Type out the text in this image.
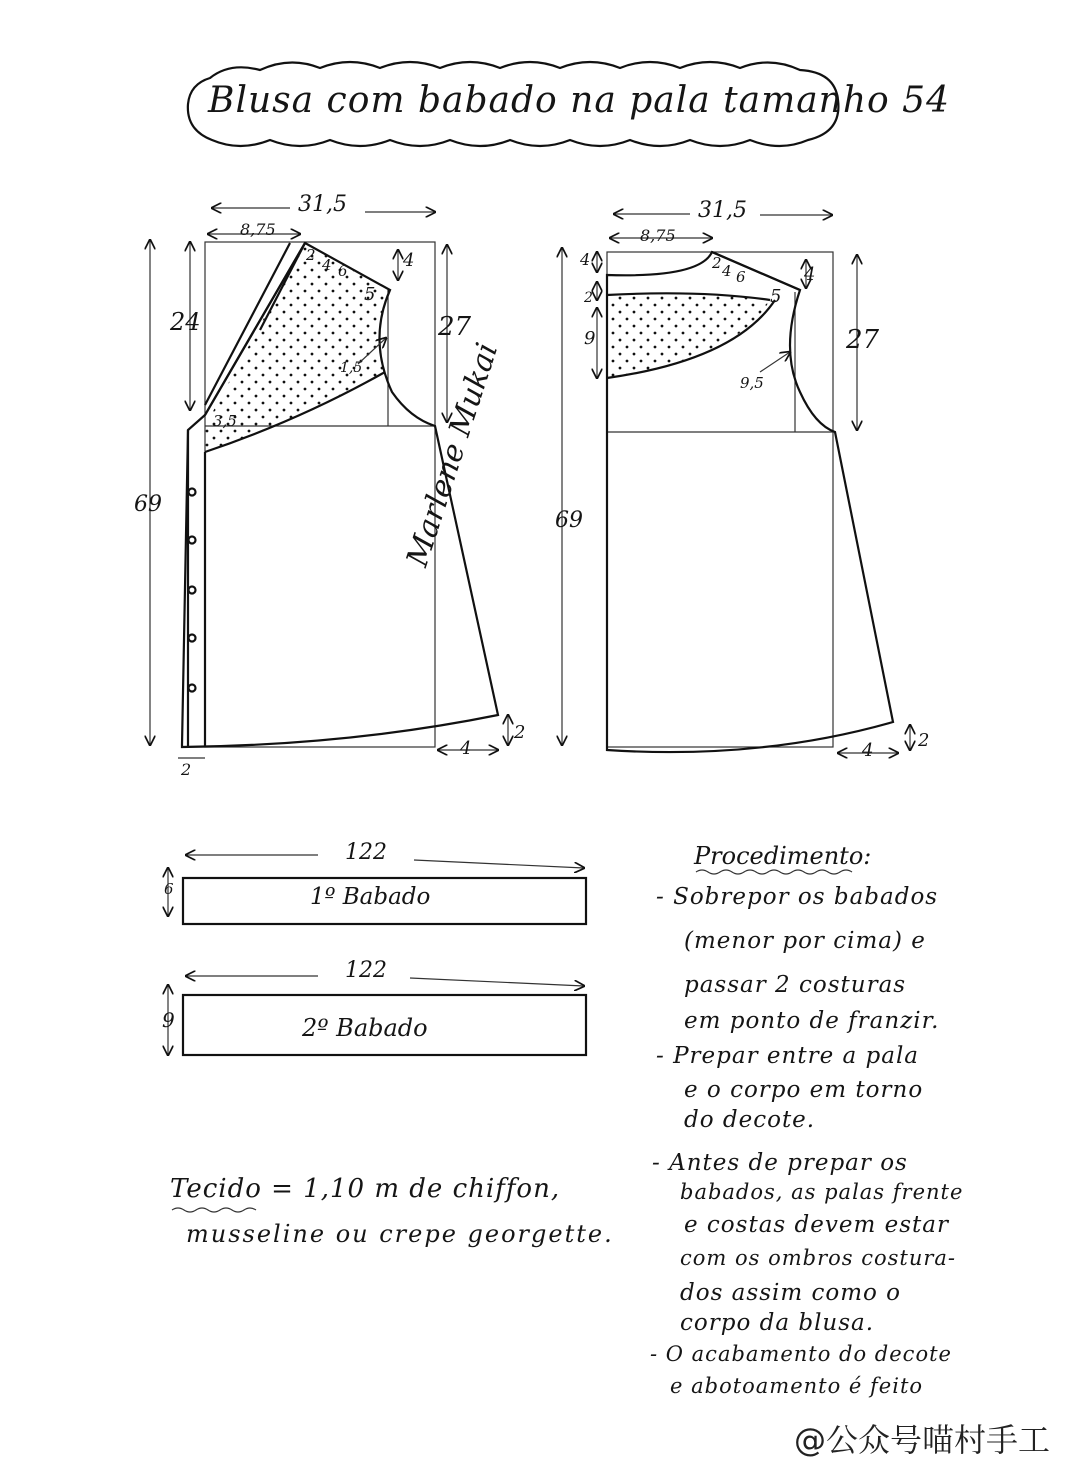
Blusa com babado na pala tamanho 54
31,5
8,75
24
69
27
4
2
4 6
5
1,5
3,5
4
2
2
31,5
8,75
4
2
9
69
27
4
2 4 6
5
9,5
4 2
Marlene Mukai
122
6	1º Babado
122
9	2º Babado
Tecido = 1,10 m de chiffon,
musseline ou crepe georgette.
Procedimento:
- Sobrepor os babados
(menor por cima) e
passar 2 costuras
em ponto de franzir.
- Prepar entre a pala
e o corpo em torno
do decote.
- Antes de prepar os
babados, as palas frente
e costas devem estar
com os ombros costura-
dos assim como o
corpo da blusa.
- O acabamento do decote
e abotoamento é feito
@公众号喵村手工
